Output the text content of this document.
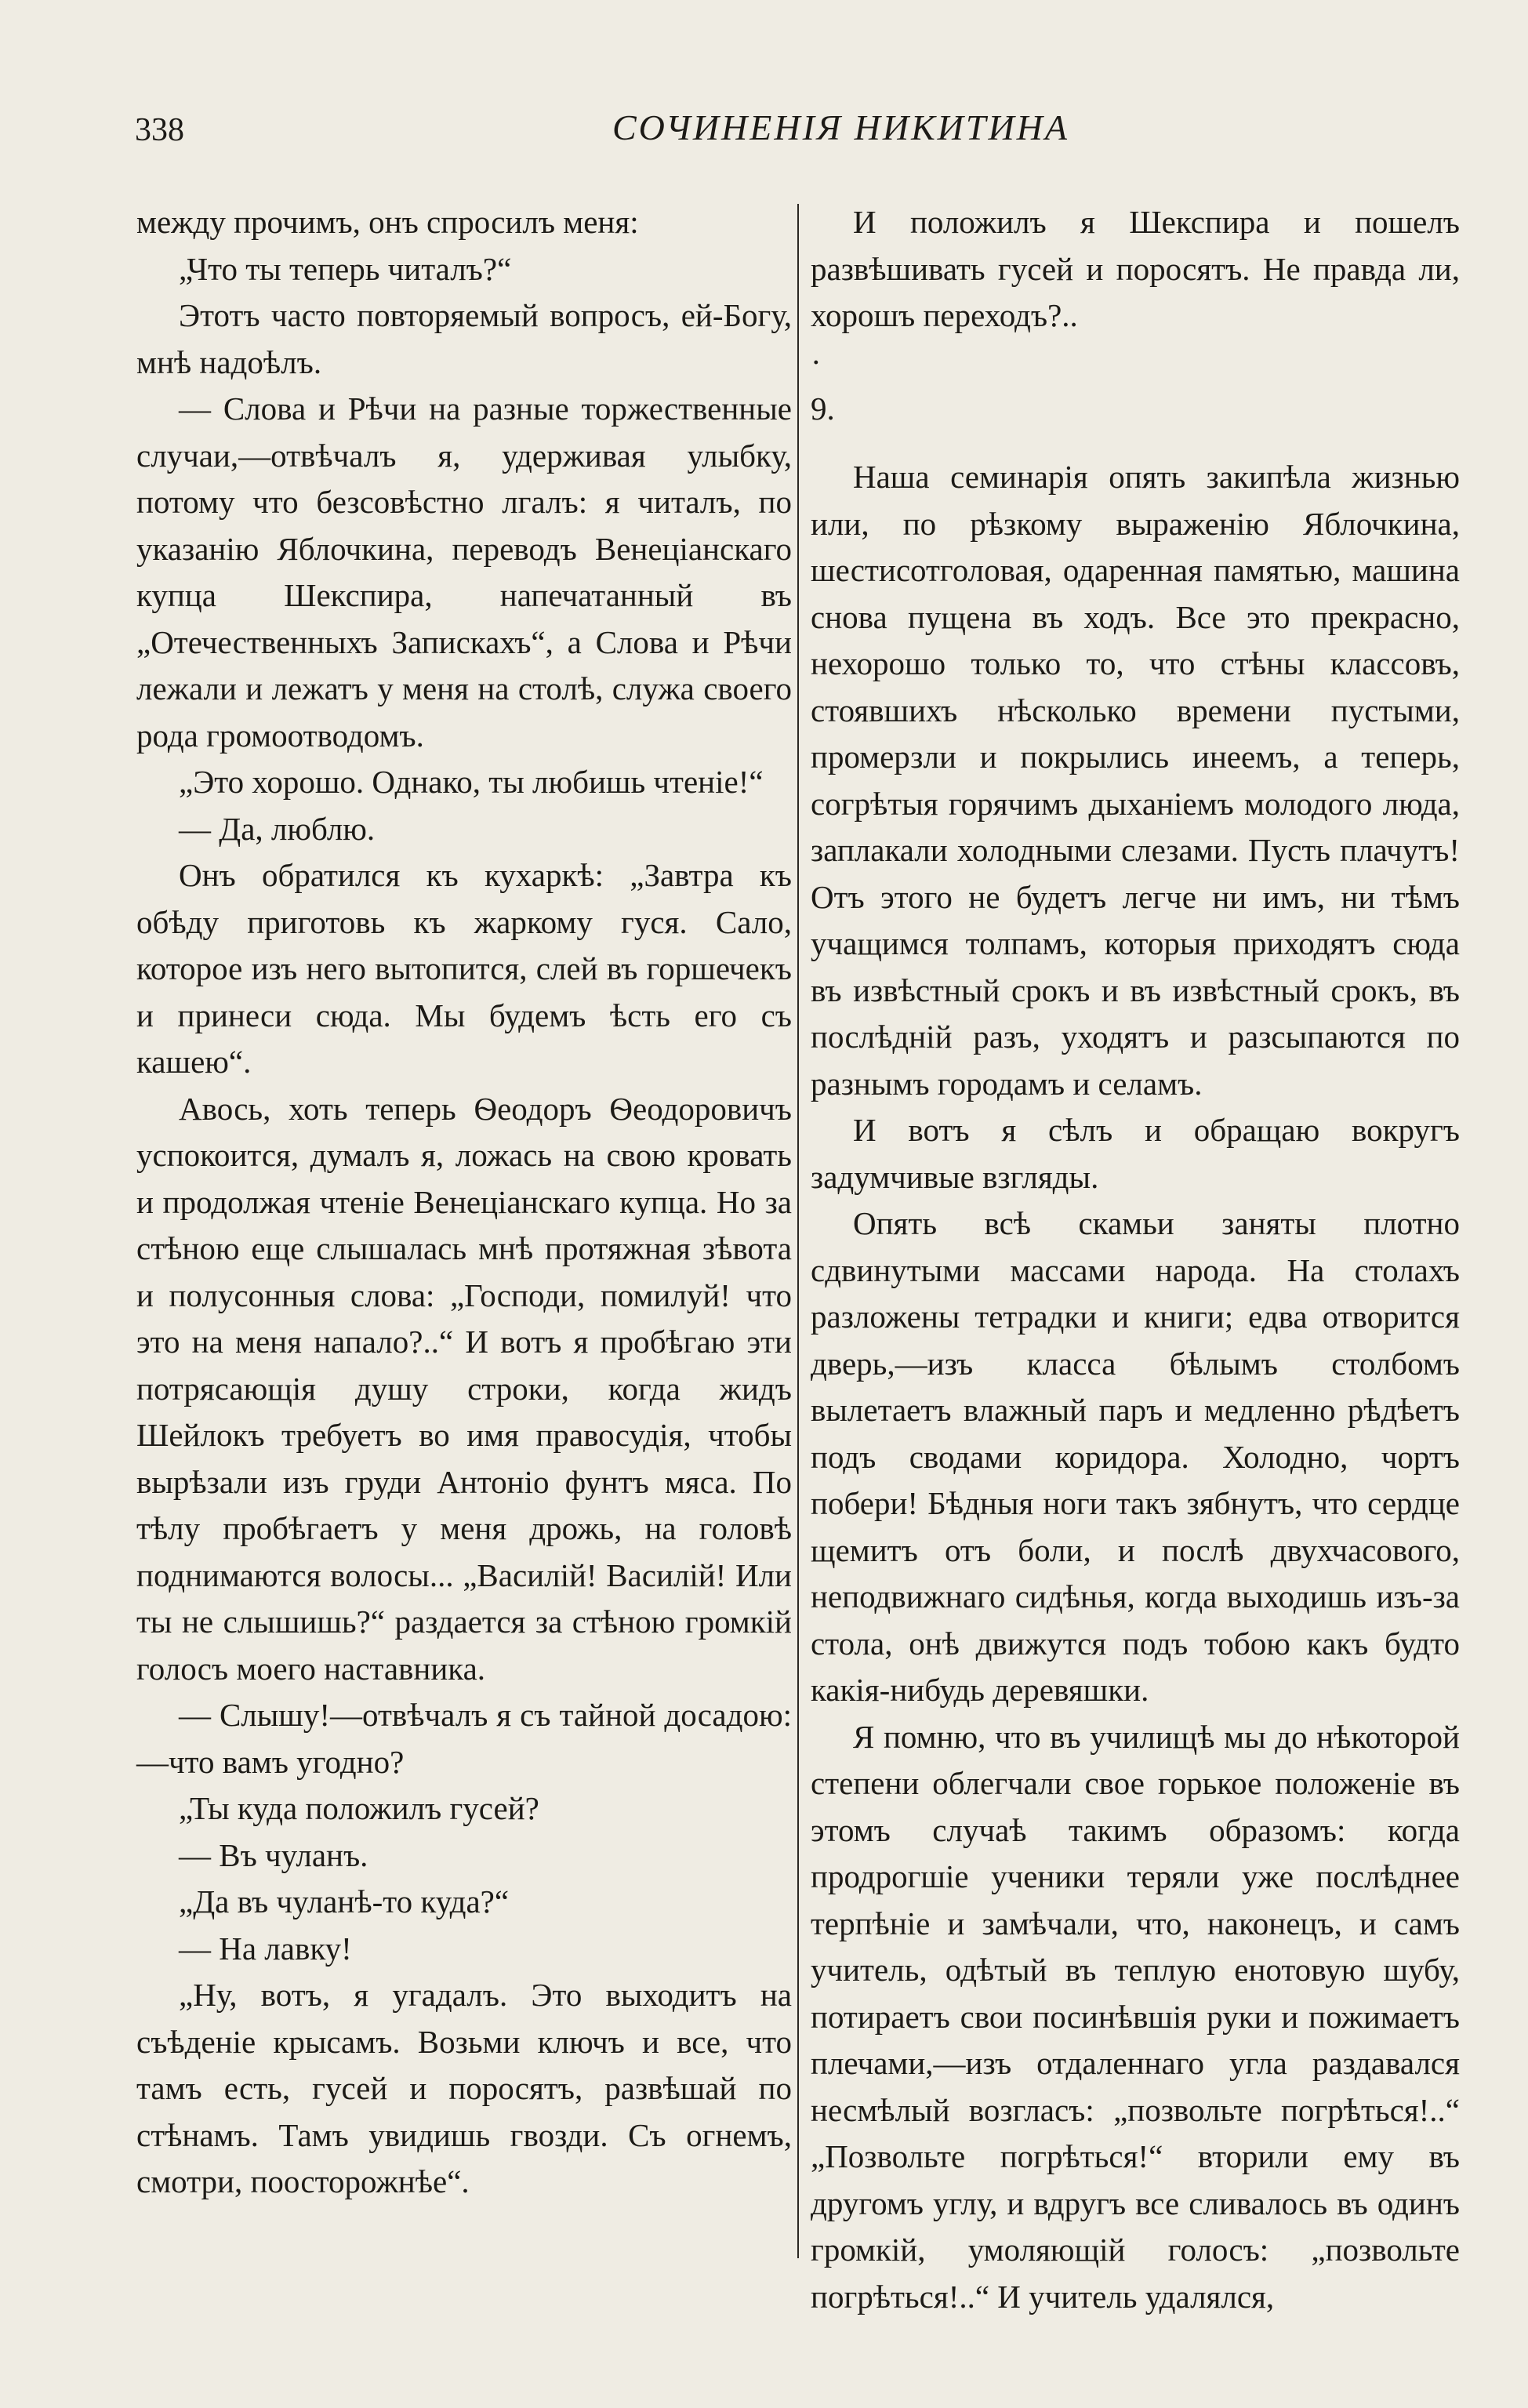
338	СОЧИНЕНІЯ НИКИТИНА

между прочимъ, онъ спросилъ меня:

„Что ты теперь читалъ?“

Этотъ часто повторяемый вопросъ, ей-Богу, мнѣ надоѣлъ.

— Слова и Рѣчи на разные торжественные случаи,—отвѣчалъ я, удерживая улыбку, потому что безсовѣстно лгалъ: я читалъ, по указанію Яблочкина, переводъ Венеціанскаго купца Шекспира, напечатанный въ „Отечественныхъ Запискахъ“, а Слова и Рѣчи лежали и лежатъ у меня на столѣ, служа своего рода громоотводомъ.

„Это хорошо. Однако, ты любишь чтеніе!“

— Да, люблю.

Онъ обратился къ кухаркѣ: „Завтра къ обѣду приготовь къ жаркому гуся. Сало, которое изъ него вытопится, слей въ горшечекъ и принеси сюда. Мы будемъ ѣсть его съ кашею“.

Авось, хоть теперь Ѳеодоръ Ѳеодоровичъ успокоится, думалъ я, ложась на свою кровать и продолжая чтеніе Венеціанскаго купца. Но за стѣною еще слышалась мнѣ протяжная зѣвота и полусонныя слова: „Господи, помилуй! что это на меня напало?..“ И вотъ я пробѣгаю эти потрясающія душу строки, когда жидъ Шейлокъ требуетъ во имя правосудія, чтобы вырѣзали изъ груди Антоніо фунтъ мяса. По тѣлу пробѣгаетъ у меня дрожь, на головѣ поднимаются волосы... „Василій! Василій! Или ты не слышишь?“ раздается за стѣною громкій голосъ моего наставника.

— Слышу!—отвѣчалъ я съ тайной досадою:—что вамъ угодно?

„Ты куда положилъ гусей?

— Въ чуланъ.

„Да въ чуланѣ-то куда?“

— На лавку!

„Ну, вотъ, я угадалъ. Это выходитъ на съѣденіе крысамъ. Возьми ключъ и все, что тамъ есть, гусей и поросятъ, развѣшай по стѣнамъ. Тамъ увидишь гвозди. Съ огнемъ, смотри, поосторожнѣе“.

И положилъ я Шекспира и пошелъ развѣшивать гусей и поросятъ. Не правда ли, хорошъ переходъ?..

·

9.

Наша семинарія опять закипѣла жизнью или, по рѣзкому выраженію Яблочкина, шестисотголовая, одаренная памятью, машина снова пущена въ ходъ. Все это прекрасно, нехорошо только то, что стѣны классовъ, стоявшихъ нѣсколько времени пустыми, промерзли и покрылись инеемъ, а теперь, согрѣтыя горячимъ дыханіемъ молодого люда, заплакали холодными слезами. Пусть плачутъ! Отъ этого не будетъ легче ни имъ, ни тѣмъ учащимся толпамъ, которыя приходятъ сюда въ извѣстный срокъ и въ извѣстный срокъ, въ послѣдній разъ, уходятъ и разсыпаются по разнымъ городамъ и селамъ.

И вотъ я сѣлъ и обращаю вокругъ задумчивые взгляды.

Опять всѣ скамьи заняты плотно сдвинутыми массами народа. На столахъ разложены тетрадки и книги; едва отворится дверь,—изъ класса бѣлымъ столбомъ вылетаетъ влажный паръ и медленно рѣдѣетъ подъ сводами коридора. Холодно, чортъ побери! Бѣдныя ноги такъ зябнутъ, что сердце щемитъ отъ боли, и послѣ двухчасового, неподвижнаго сидѣнья, когда выходишь изъ-за стола, онѣ движутся подъ тобою какъ будто какія-нибудь деревяшки.

Я помню, что въ училищѣ мы до нѣкоторой степени облегчали свое горькое положеніе въ этомъ случаѣ такимъ образомъ: когда продрогшіе ученики теряли уже послѣднее терпѣніе и замѣчали, что, наконецъ, и самъ учитель, одѣтый въ теплую енотовую шубу, потираетъ свои посинѣвшія руки и пожимаетъ плечами,—изъ отдаленнаго угла раздавался несмѣлый возгласъ: „позвольте погрѣться!..“ „Позвольте погрѣться!“ вторили ему въ другомъ углу, и вдругъ все сливалось въ одинъ громкій, умоляющій голосъ: „позвольте погрѣться!..“ И учитель удалялся,
